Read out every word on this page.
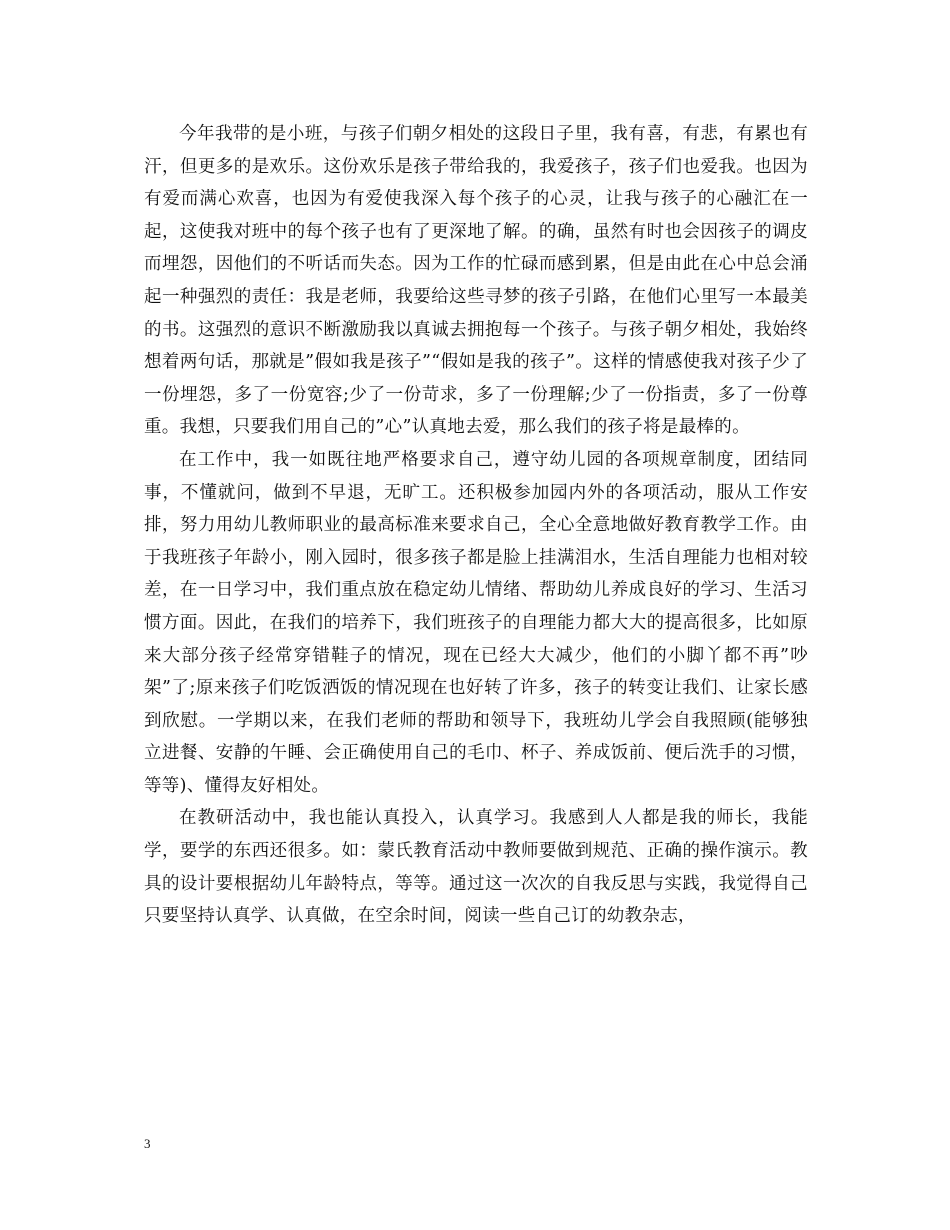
今年我带的是小班，与孩子们朝夕相处的这段日子里，我有喜，有悲，有累也有汗，但更多的是欢乐。这份欢乐是孩子带给我的，我爱孩子，孩子们也爱我。也因为有爱而满心欢喜，也因为有爱使我深入每个孩子的心灵，让我与孩子的心融汇在一起，这使我对班中的每个孩子也有了更深地了解。的确，虽然有时也会因孩子的调皮而埋怨，因他们的不听话而失态。因为工作的忙碌而感到累，但是由此在心中总会涌起一种强烈的责任：我是老师，我要给这些寻梦的孩子引路，在他们心里写一本最美的书。这强烈的意识不断激励我以真诚去拥抱每一个孩子。与孩子朝夕相处，我始终想着两句话，那就是”假如我是孩子”“假如是我的孩子”。这样的情感使我对孩子少了一份埋怨，多了一份宽容;少了一份苛求，多了一份理解;少了一份指责，多了一份尊重。我想，只要我们用自己的”心”认真地去爱，那么我们的孩子将是最棒的。

在工作中，我一如既往地严格要求自己，遵守幼儿园的各项规章制度，团结同事，不懂就问，做到不早退，无旷工。还积极参加园内外的各项活动，服从工作安排，努力用幼儿教师职业的最高标准来要求自己，全心全意地做好教育教学工作。由于我班孩子年龄小，刚入园时，很多孩子都是脸上挂满泪水，生活自理能力也相对较差，在一日学习中，我们重点放在稳定幼儿情绪、帮助幼儿养成良好的学习、生活习惯方面。因此，在我们的培养下，我们班孩子的自理能力都大大的提高很多，比如原来大部分孩子经常穿错鞋子的情况，现在已经大大减少，他们的小脚丫都不再”吵架”了;原来孩子们吃饭洒饭的情况现在也好转了许多，孩子的转变让我们、让家长感到欣慰。一学期以来，在我们老师的帮助和领导下，我班幼儿学会自我照顾(能够独立进餐、安静的午睡、会正确使用自己的毛巾、杯子、养成饭前、便后洗手的习惯，等等)、懂得友好相处。

在教研活动中，我也能认真投入，认真学习。我感到人人都是我的师长，我能学，要学的东西还很多。如：蒙氏教育活动中教师要做到规范、正确的操作演示。教具的设计要根据幼儿年龄特点，等等。通过这一次次的自我反思与实践，我觉得自己只要坚持认真学、认真做，在空余时间，阅读一些自己订的幼教杂志，

3
